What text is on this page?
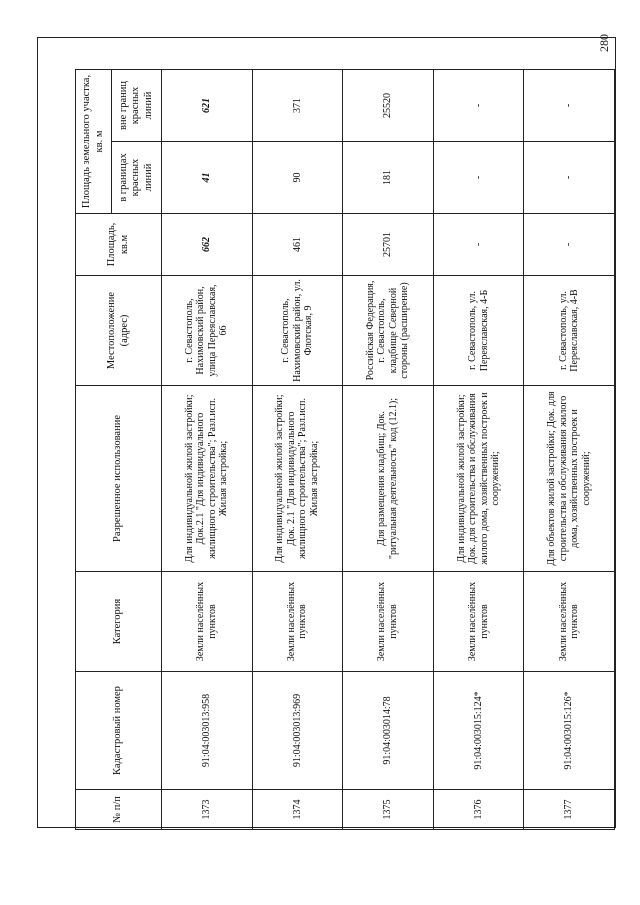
280
№ п/п	Кадастровый номер	Категория	Разрешенное использование	Местоположение (адрес)	Площадь, кв.м	Площадь земельного участка, кв. м	
						в границах красных линий	вне границ красных линий
1373	91:04:003013:958	Земли населённых пунктов	Для индивидуальной жилой застройки; Док.2.1 "Для индивидуального жилищного строительства"; Разл.исп. Жилая застройка;	г. Севастополь, Нахимовский район, улица Переяславская, 66	662	41	621
1374	91:04:003013:969	Земли населённых пунктов	Для индивидуальной жилой застройки; Док. 2.1 "Для индивидуального жилищного строительства"; Разл.исп. Жилая застройка;	г. Севастополь, Нахимовский район, ул. Флотская, 9	461	90	371
1375	91:04:003014:78	Земли населённых пунктов	Для размещения кладбищ; Док. "ритуальная деятельность" код (12.1);	Российская Федерация, г. Севастополь, кладбище Северной стороны (расширение)	25701	181	25520
1376	91:04:003015:124*	Земли населённых пунктов	Для индивидуальной жилой застройки; Док. для строительства и обслуживания жилого дома, хозяйственных построек и сооружений;	г. Севастополь, ул. Переяславская, 4-Б	-	-	-
1377	91:04:003015:126*	Земли населённых пунктов	Для объектов жилой застройки; Док. для строительства и обслуживания жилого дома, хозяйственных построек и сооружений;	г. Севастополь, ул. Переяславская, 4-В	-	-	-
